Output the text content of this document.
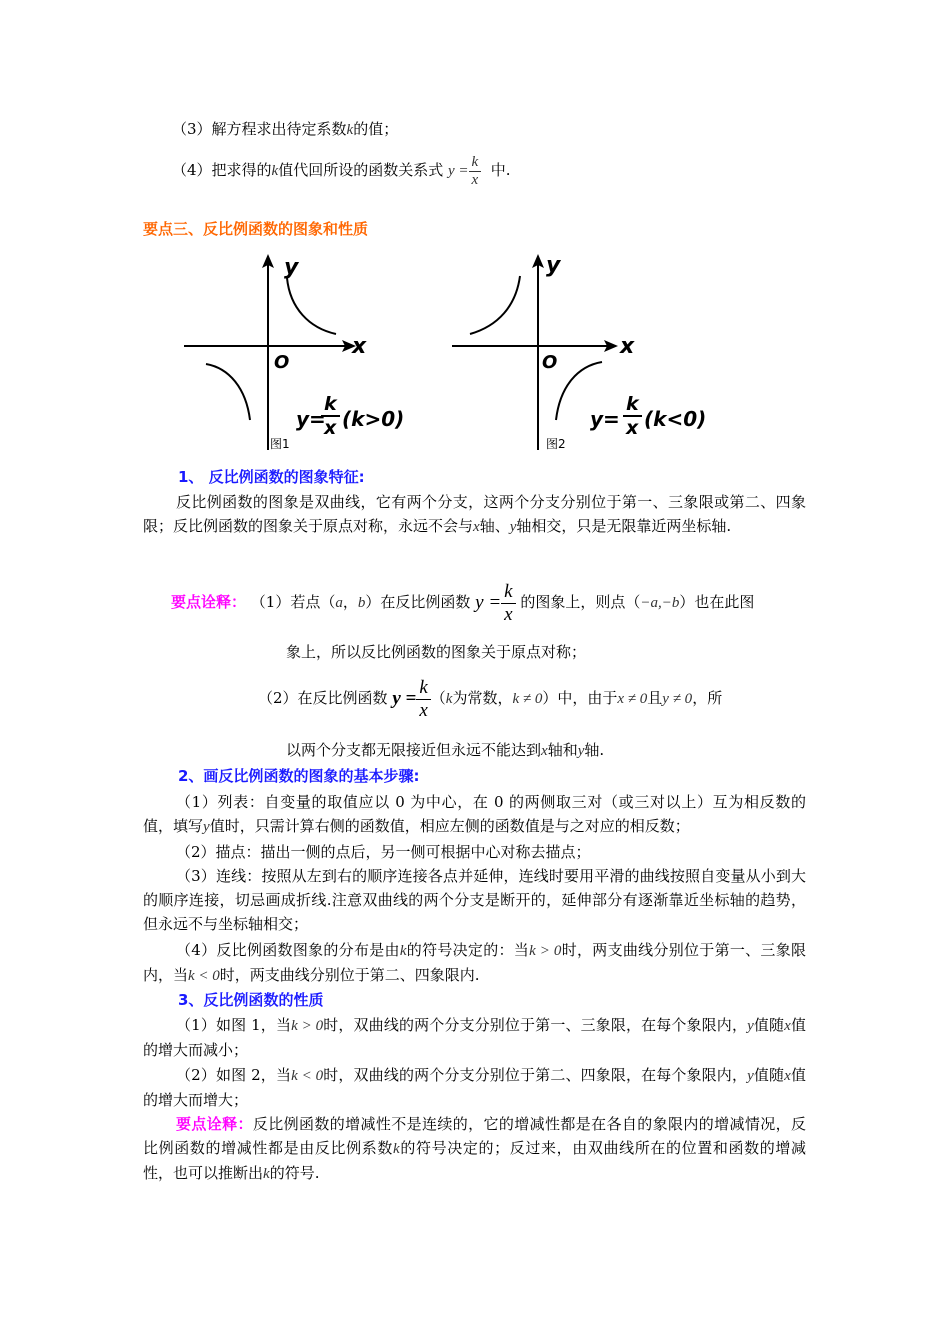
（3）解方程求出待定系数k的值；
（4）把求得的k值代回所设的函数关系式 $y = \frac{k}{x}$ 中.
要点三、反比例函数的图象和性质
y
x
O
y=
k
x (k>0)
图1
y
x
O
y=
k
x (k<0)
图2
1、 反比例函数的图象特征:
反比例函数的图象是双曲线，它有两个分支，这两个分支分别位于第一、三象限或第二、四象限；反比例函数的图象关于原点对称，永远不会与x轴、y轴相交，只是无限靠近两坐标轴.
要点诠释： （1）若点（a，b）在反比例函数 $y = \frac{k}{x}$ 的图象上，则点（−a,−b）也在此图
象上，所以反比例函数的图象关于原点对称；
（2）在反比例函数 $y = \frac{k}{x} (k$为常数，k ≠ 0）中，由于x ≠ 0且y ≠ 0，所
以两个分支都无限接近但永远不能达到x轴和y轴.
2、画反比例函数的图象的基本步骤:
（1）列表：自变量的取值应以 0 为中心，在 0 的两侧取三对（或三对以上）互为相反数的值，填写y值时，只需计算右侧的函数值，相应左侧的函数值是与之对应的相反数；
（2）描点：描出一侧的点后，另一侧可根据中心对称去描点；
（3）连线：按照从左到右的顺序连接各点并延伸，连线时要用平滑的曲线按照自变量从小到大的顺序连接，切忌画成折线.注意双曲线的两个分支是断开的，延伸部分有逐渐靠近坐标轴的趋势，但永远不与坐标轴相交；
（4）反比例函数图象的分布是由k的符号决定的：当k > 0时，两支曲线分别位于第一、三象限内，当k < 0时，两支曲线分别位于第二、四象限内.
3、反比例函数的性质
（1）如图 1，当k > 0时，双曲线的两个分支分别位于第一、三象限，在每个象限内，y值随x值的增大而减小；
（2）如图 2，当k < 0时，双曲线的两个分支分别位于第二、四象限，在每个象限内，y值随x值的增大而增大；
要点诠释：反比例函数的增减性不是连续的，它的增减性都是在各自的象限内的增减情况，反比例函数的增减性都是由反比例系数k的符号决定的；反过来，由双曲线所在的位置和函数的增减性，也可以推断出k的符号.
